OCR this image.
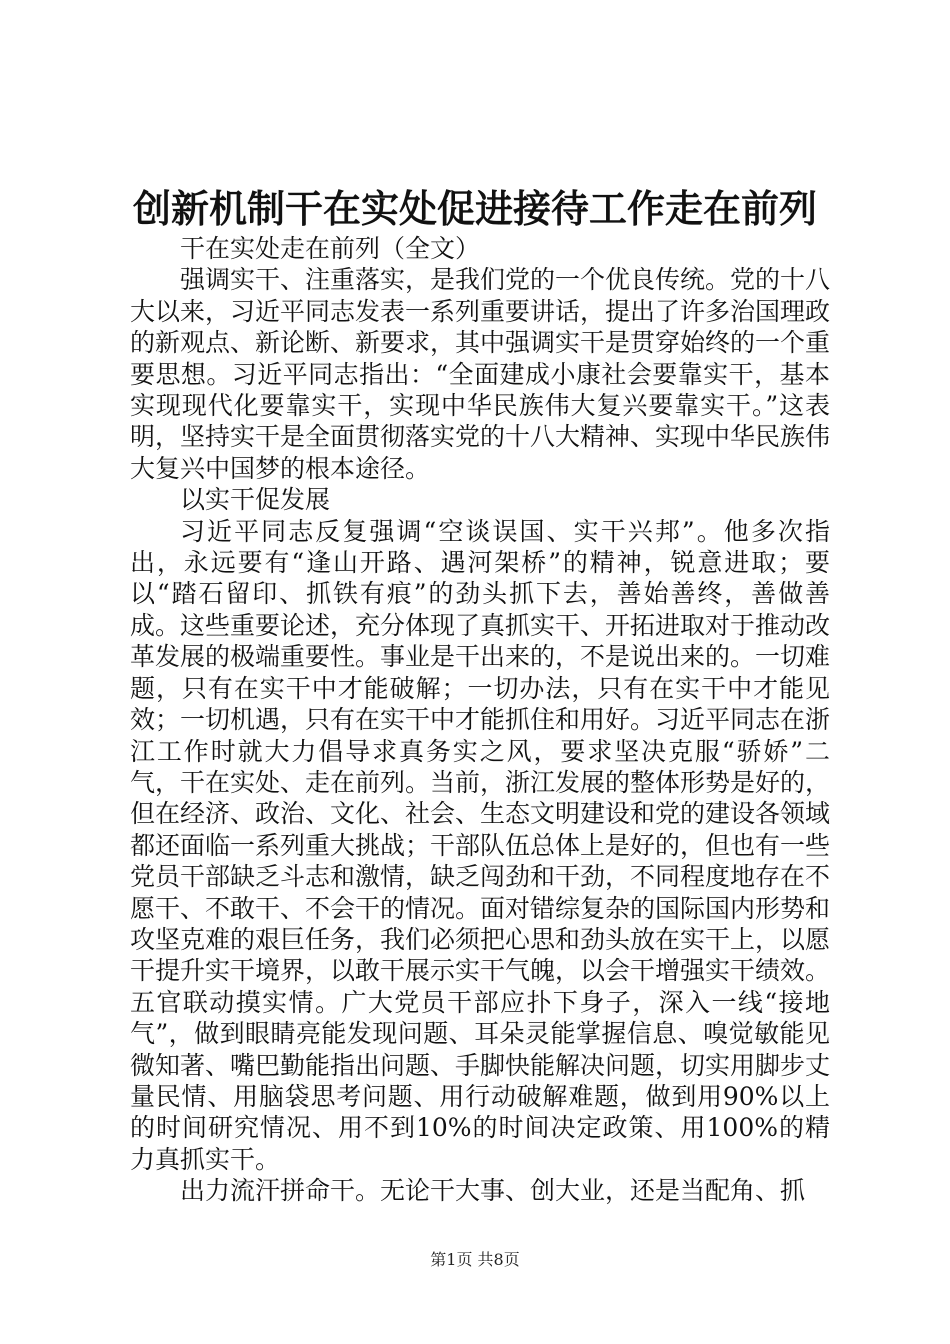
创新机制干在实处促进接待工作走在前列

干在实处走在前列（全文）

强调实干、注重落实，是我们党的一个优良传统。党的十八大以来，习近平同志发表一系列重要讲话，提出了许多治国理政的新观点、新论断、新要求，其中强调实干是贯穿始终的一个重要思想。习近平同志指出：“全面建成小康社会要靠实干，基本实现现代化要靠实干，实现中华民族伟大复兴要靠实干。”这表明，坚持实干是全面贯彻落实党的十八大精神、实现中华民族伟大复兴中国梦的根本途径。

以实干促发展

习近平同志反复强调“空谈误国、实干兴邦”。他多次指出，永远要有“逢山开路、遇河架桥”的精神，锐意进取；要以“踏石留印、抓铁有痕”的劲头抓下去，善始善终，善做善成。这些重要论述，充分体现了真抓实干、开拓进取对于推动改革发展的极端重要性。事业是干出来的，不是说出来的。一切难题，只有在实干中才能破解；一切办法，只有在实干中才能见效；一切机遇，只有在实干中才能抓住和用好。习近平同志在浙江工作时就大力倡导求真务实之风，要求坚决克服“骄娇”二气，干在实处、走在前列。当前，浙江发展的整体形势是好的，但在经济、政治、文化、社会、生态文明建设和党的建设各领域都还面临一系列重大挑战；干部队伍总体上是好的，但也有一些党员干部缺乏斗志和激情，缺乏闯劲和干劲，不同程度地存在不愿干、不敢干、不会干的情况。面对错综复杂的国际国内形势和攻坚克难的艰巨任务，我们必须把心思和劲头放在实干上，以愿干提升实干境界，以敢干展示实干气魄，以会干增强实干绩效。五官联动摸实情。广大党员干部应扑下身子，深入一线“接地气”，做到眼睛亮能发现问题、耳朵灵能掌握信息、嗅觉敏能见微知著、嘴巴勤能指出问题、手脚快能解决问题，切实用脚步丈量民情、用脑袋思考问题、用行动破解难题，做到用90%以上的时间研究情况、用不到10%的时间决定政策、用100%的精力真抓实干。

出力流汗拼命干。无论干大事、创大业，还是当配角、抓

第1页 共8页
